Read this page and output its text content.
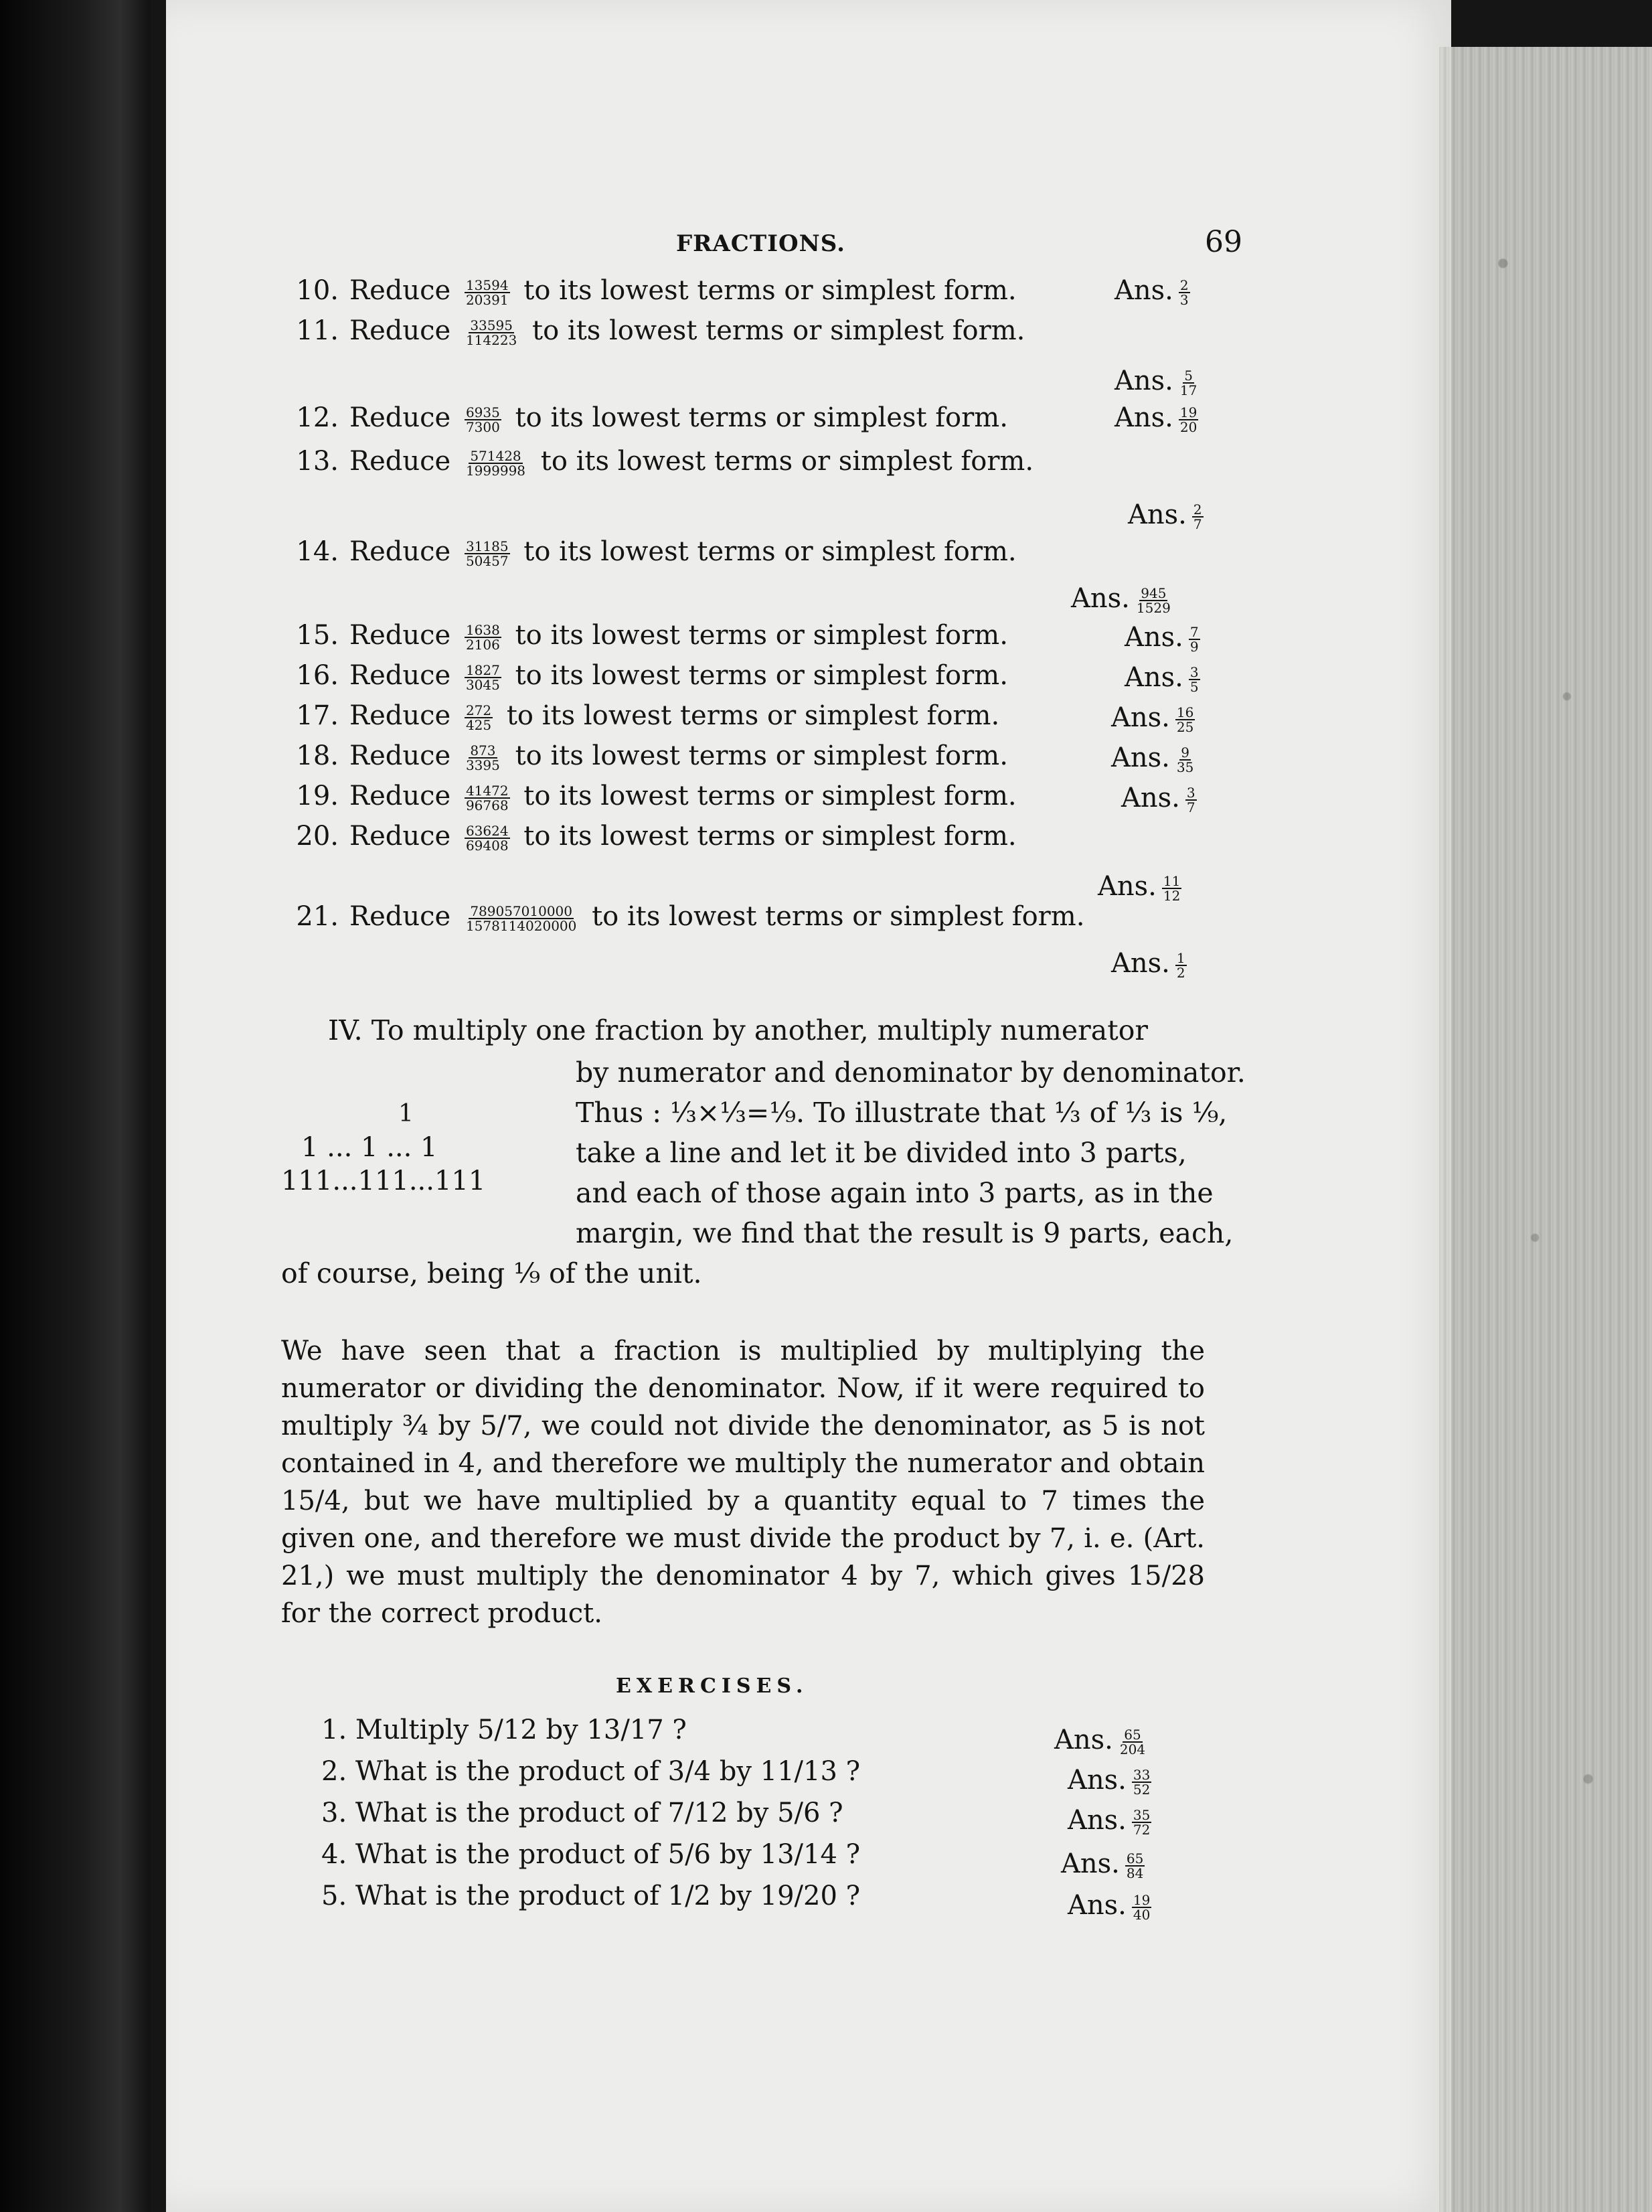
FRACTIONS.	69
10. Reduce $\frac{13594}{20391}$ to its lowest terms or simplest form.	Ans. $\frac{2}{3}$
11. Reduce $\frac{33595}{114223}$ to its lowest terms or simplest form.
Ans. $\frac{5}{17}$
12. Reduce $\frac{6935}{7300}$ to its lowest terms or simplest form.	Ans. $\frac{19}{20}$
13. Reduce $\frac{571428}{1999998}$ to its lowest terms or simplest form.
Ans. $\frac{2}{7}$
14. Reduce $\frac{31185}{50457}$ to its lowest terms or simplest form.
Ans. $\frac{945}{1529}$
15. Reduce $\frac{1638}{2106}$ to its lowest terms or simplest form.	Ans. $\frac{7}{9}$
16. Reduce $\frac{1827}{3045}$ to its lowest terms or simplest form.	Ans. $\frac{3}{5}$
17. Reduce $\frac{272}{425}$ to its lowest terms or simplest form.	Ans. $\frac{16}{25}$
18. Reduce $\frac{873}{3395}$ to its lowest terms or simplest form.	Ans. $\frac{9}{35}$
19. Reduce $\frac{41472}{96768}$ to its lowest terms or simplest form.	Ans. $\frac{3}{7}$
20. Reduce $\frac{63624}{69408}$ to its lowest terms or simplest form.
Ans. $\frac{11}{12}$
21. Reduce $\frac{789057010000}{1578114020000}$ to its lowest terms or simplest form.
Ans. $\frac{1}{2}$
IV. To multiply one fraction by another, multiply numerator
by numerator and denominator by denominator.
Thus : ⅓×⅓=⅑. To illustrate that ⅓ of ⅓ is ⅑,
take a line and let it be divided into 3 parts,
and each of those again into 3 parts, as in the
margin, we find that the result is 9 parts, each,
of course, being ⅑ of the unit.
1
1 ... 1 ... 1
111...111...111
We have seen that a fraction is multiplied by multiplying the numerator or dividing the denominator. Now, if it were required to multiply ¾ by 5/7, we could not divide the denominator, as 5 is not contained in 4, and therefore we multiply the numerator and obtain 15/4, but we have multiplied by a quantity equal to 7 times the given one, and therefore we must divide the product by 7, i. e. (Art. 21,) we must multiply the denominator 4 by 7, which gives 15/28 for the correct product.
EXERCISES.
1. Multiply 5/12 by 13/17 ?	Ans. $\frac{65}{204}$
2. What is the product of 3/4 by 11/13 ?	Ans. $\frac{33}{52}$
3. What is the product of 7/12 by 5/6 ?	Ans. $\frac{35}{72}$
4. What is the product of 5/6 by 13/14 ?	Ans. $\frac{65}{84}$
5. What is the product of 1/2 by 19/20 ?	Ans. $\frac{19}{40}$
